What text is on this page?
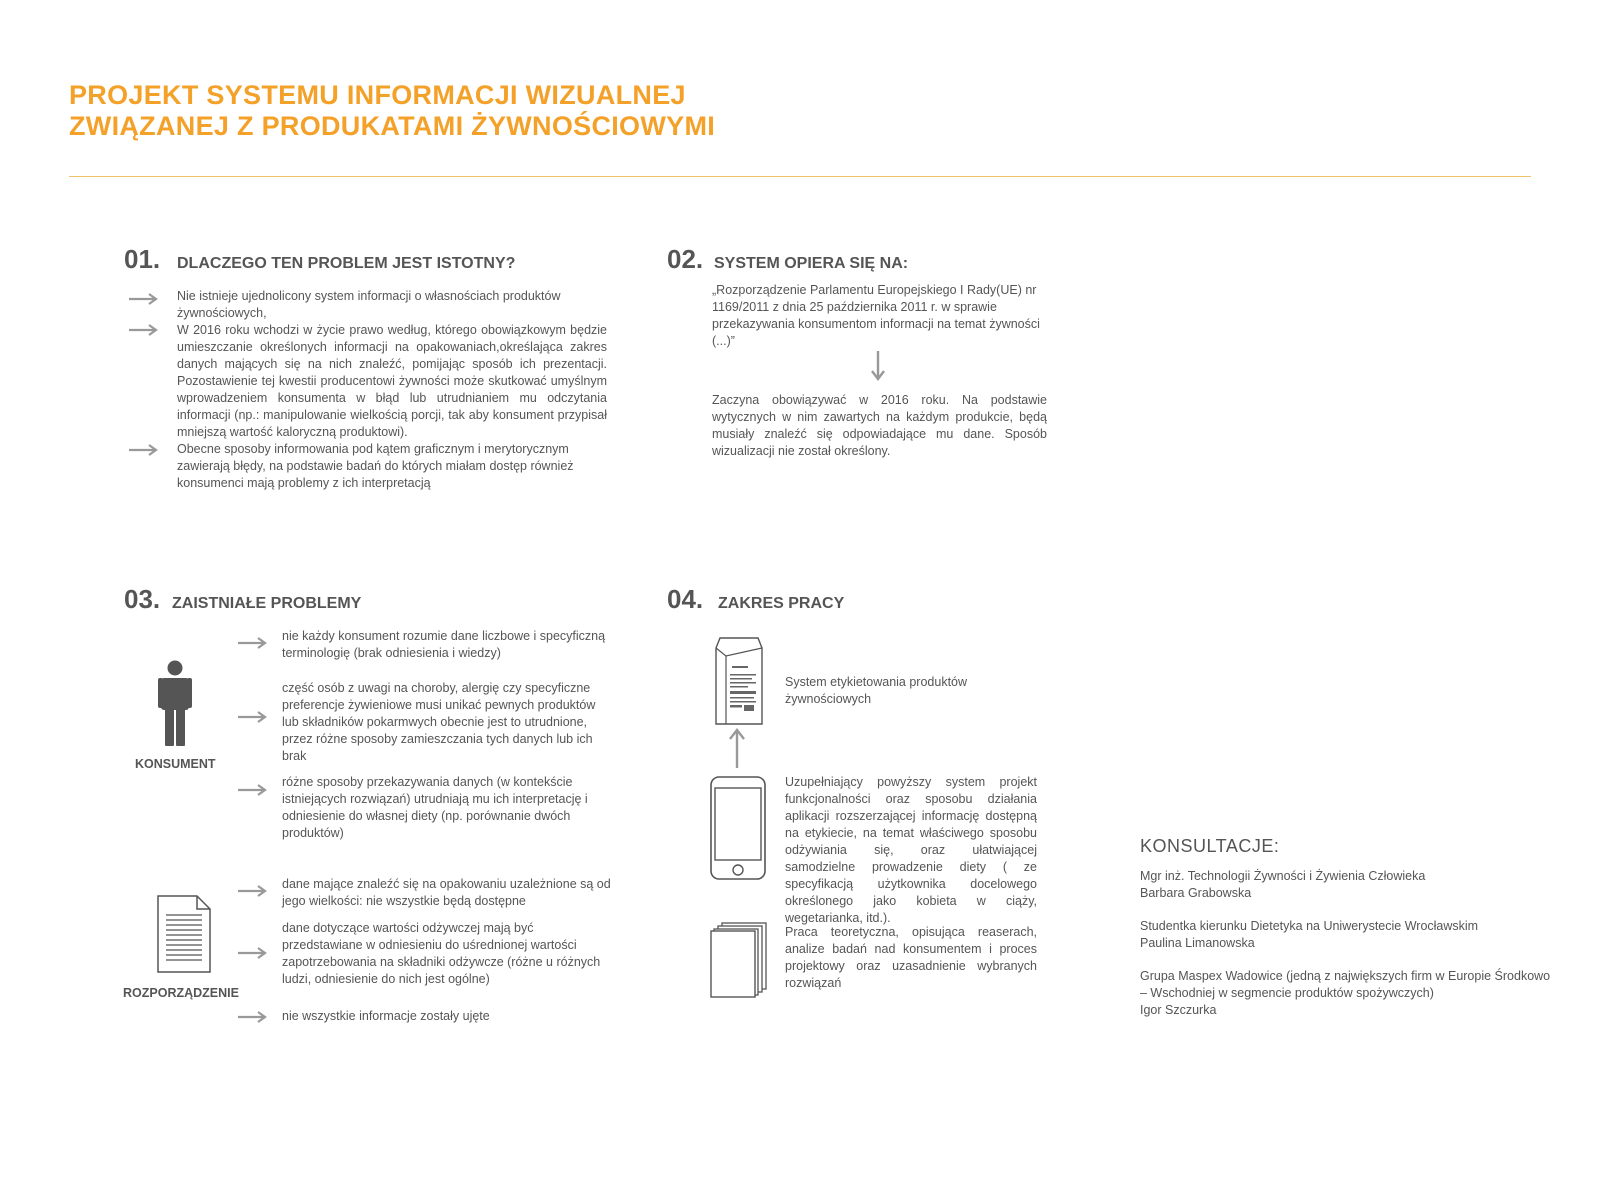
PROJEKT SYSTEMU INFORMACJI WIZUALNEJ
ZWIĄZANEJ Z PRODUKATAMI ŻYWNOŚCIOWYMI
01. DLACZEGO TEN PROBLEM JEST ISTOTNY?
Nie istnieje ujednolicony system informacji o własnościach produktów żywnościowych,
W 2016 roku wchodzi w życie prawo według, którego obowiązkowym będzie umieszczanie określonych informacji na opakowaniach,określająca zakres danych mających się na nich znaleźć, pomijając sposób ich prezentacji. Pozostawienie tej kwestii producentowi żywności może skutkować umyślnym wprowadzeniem konsumenta w błąd lub utrudnianiem mu odczytania informacji (np.: manipulowanie wielkością porcji, tak aby konsument przypisał mniejszą wartość kaloryczną produktowi).
Obecne sposoby informowania pod kątem graficznym i merytorycznym zawierają błędy, na podstawie badań do których miałam dostęp również konsumenci mają problemy z ich interpretacją
02. SYSTEM OPIERA SIĘ NA:
„Rozporządzenie Parlamentu Europejskiego I Rady(UE) nr 1169/2011 z dnia 25 października 2011 r. w sprawie przekazywania konsumentom informacji na temat żywności (...)”
Zaczyna obowiązywać w 2016 roku. Na podstawie wytycznych w nim zawartych na każdym produkcie, będą musiały znaleźć się odpowiadające mu dane. Sposób wizualizacji nie został określony.
03. ZAISTNIAŁE PROBLEMY
KONSUMENT
nie każdy konsument rozumie dane liczbowe i specyficzną terminologię (brak odniesienia i wiedzy)
część osób z uwagi na choroby, alergię czy specyficzne preferencje żywieniowe musi unikać pewnych produktów lub składników pokarmwych obecnie jest to utrudnione, przez różne sposoby zamieszczania tych danych lub ich brak
różne sposoby przekazywania danych (w kontekście istniejących rozwiązań) utrudniają mu ich interpretację i odniesienie do własnej diety (np. porównanie dwóch produktów)
ROZPORZĄDZENIE
dane mające znaleźć się na opakowaniu uzależnione są od jego wielkości: nie wszystkie będą dostępne
dane dotyczące wartości odżywczej mają być przedstawiane w odniesieniu do uśrednionej wartości zapotrzebowania na składniki odżywcze (różne u różnych ludzi, odniesienie do nich jest ogólne)
nie wszystkie informacje zostały ujęte
04. ZAKRES PRACY
System etykietowania produktów żywnościowych
Uzupełniający powyższy system projekt funkcjonalności oraz sposobu działania aplikacji rozszerzającej informację dostępną na etykiecie, na temat właściwego sposobu odżywiania się, oraz ułatwiającej samodzielne prowadzenie diety ( ze specyfikacją użytkownika docelowego określonego jako kobieta w ciąży, wegetarianka, itd.).
Praca teoretyczna, opisująca reaserach, analize badań nad konsumentem i proces projektowy oraz uzasadnienie wybranych rozwiązań
KONSULTACJE:
Mgr inż. Technologii Żywności i Żywienia Człowieka
Barbara Grabowska
Studentka kierunku Dietetyka na Uniwerystecie Wrocławskim
Paulina Limanowska
Grupa Maspex Wadowice (jedną z największych firm w Europie Środkowo – Wschodniej w segmencie produktów spożywczych)
Igor Szczurka
